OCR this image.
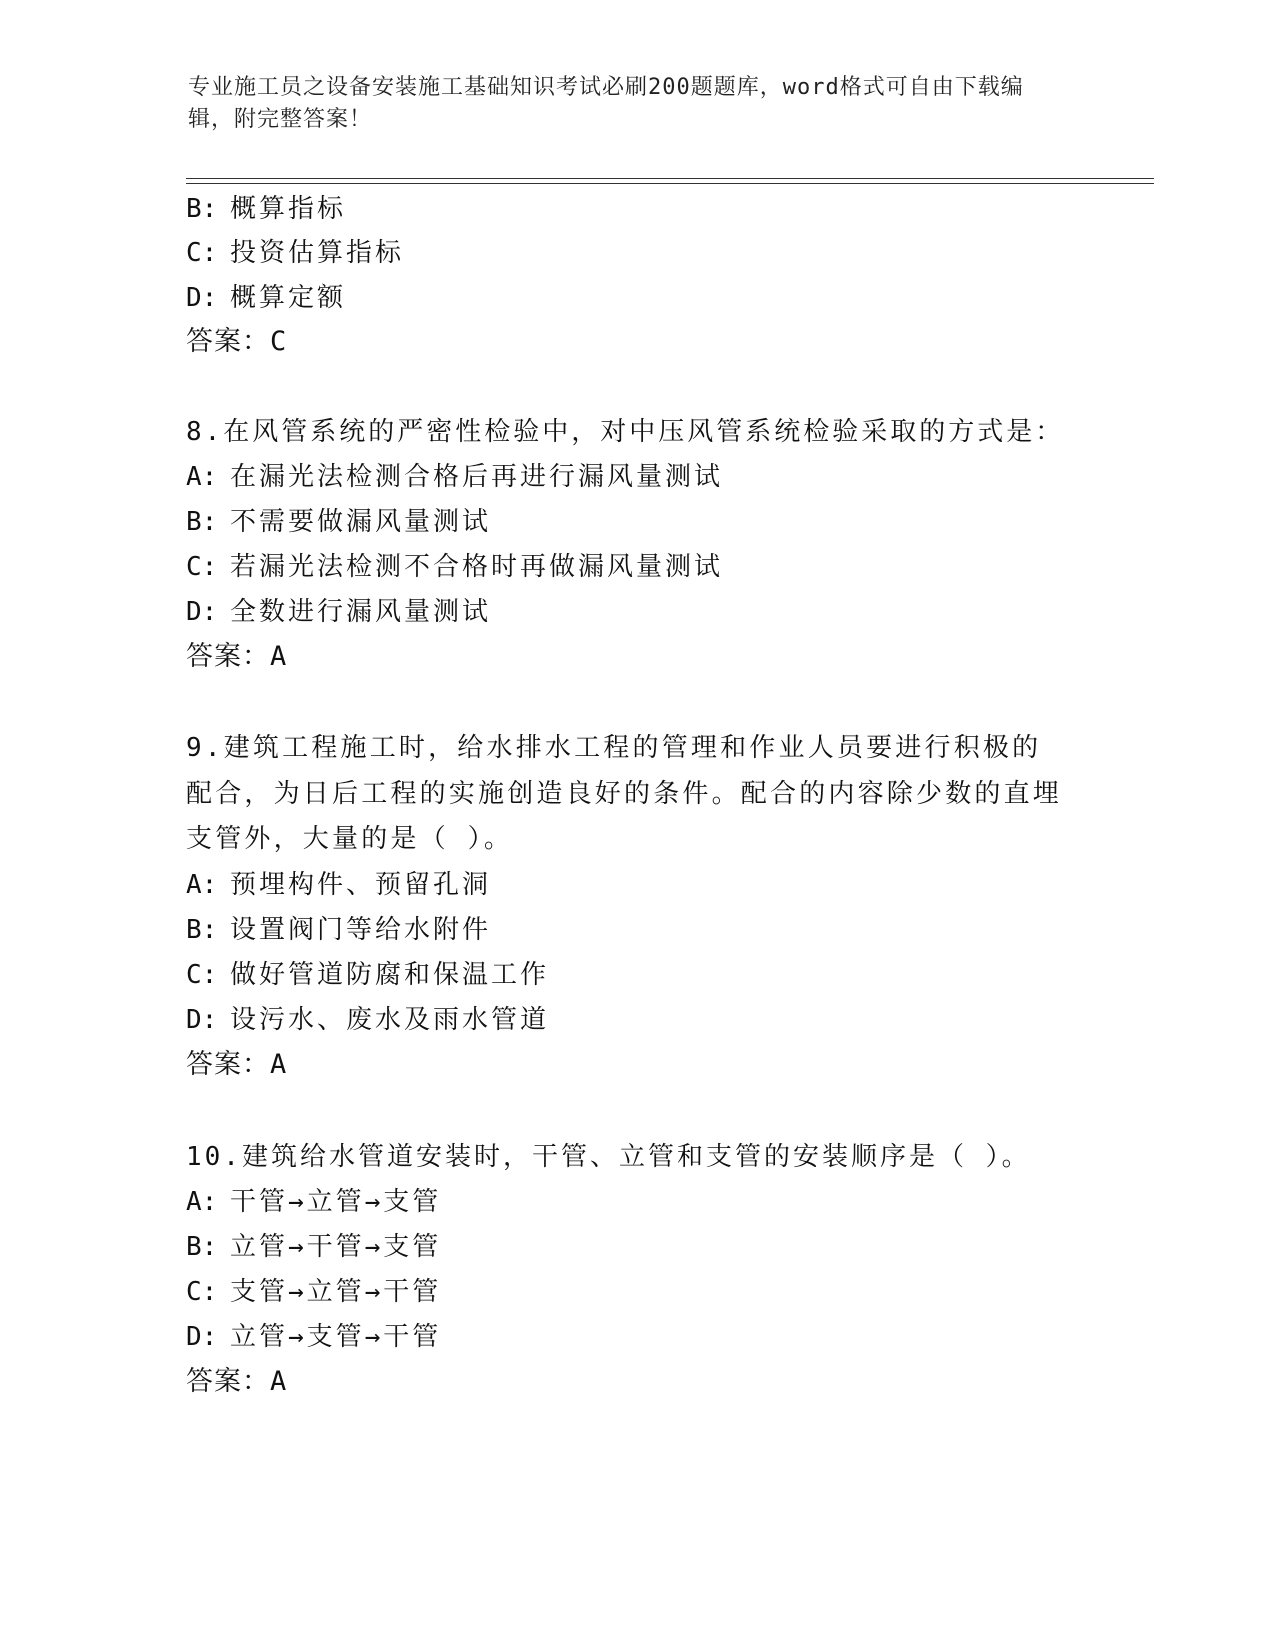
专业施工员之设备安装施工基础知识考试必刷200题题库，word格式可自由下载编辑，附完整答案！
B: 概算指标
C: 投资估算指标
D: 概算定额
答案：C
8.在风管系统的严密性检验中，对中压风管系统检验采取的方式是：
A: 在漏光法检测合格后再进行漏风量测试
B: 不需要做漏风量测试
C: 若漏光法检测不合格时再做漏风量测试
D: 全数进行漏风量测试
答案：A
9.建筑工程施工时，给水排水工程的管理和作业人员要进行积极的配合，为日后工程的实施创造良好的条件。配合的内容除少数的直埋支管外，大量的是（ ）。
A: 预埋构件、预留孔洞
B: 设置阀门等给水附件
C: 做好管道防腐和保温工作
D: 设污水、废水及雨水管道
答案：A
10.建筑给水管道安装时，干管、立管和支管的安装顺序是（ ）。
A: 干管→立管→支管
B: 立管→干管→支管
C: 支管→立管→干管
D: 立管→支管→干管
答案：A
